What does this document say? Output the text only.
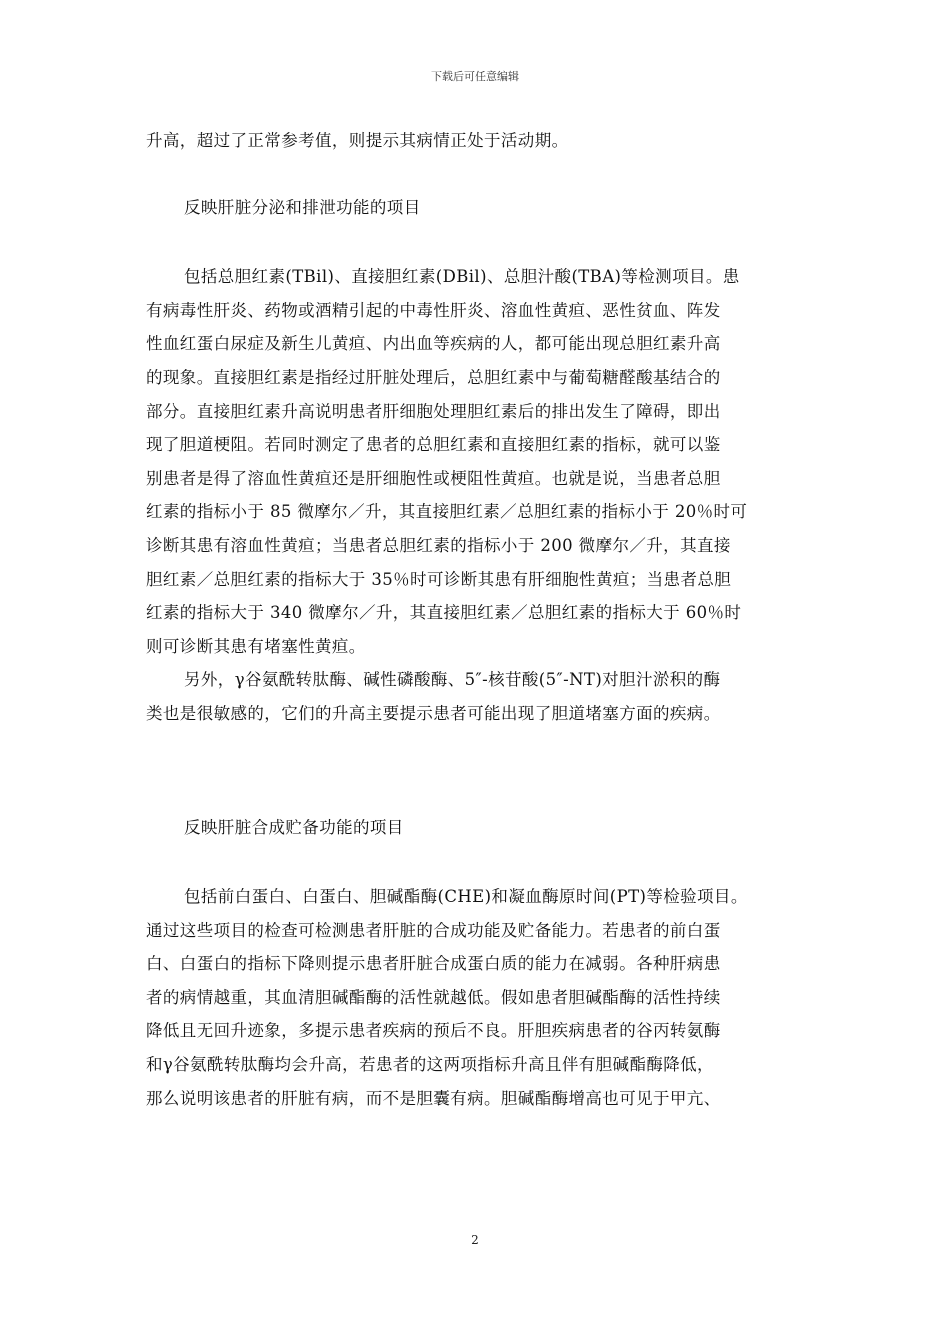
下载后可任意编辑
升高，超过了正常参考值，则提示其病情正处于活动期。
反映肝脏分泌和排泄功能的项目
包括总胆红素(TBil)、直接胆红素(DBil)、总胆汁酸(TBA)等检测项目。患
有病毒性肝炎、药物或酒精引起的中毒性肝炎、溶血性黄疸、恶性贫血、阵发
性血红蛋白尿症及新生儿黄疸、内出血等疾病的人，都可能出现总胆红素升高
的现象。直接胆红素是指经过肝脏处理后，总胆红素中与葡萄糖醛酸基结合的
部分。直接胆红素升高说明患者肝细胞处理胆红素后的排出发生了障碍，即出
现了胆道梗阻。若同时测定了患者的总胆红素和直接胆红素的指标，就可以鉴
别患者是得了溶血性黄疸还是肝细胞性或梗阻性黄疸。也就是说，当患者总胆
红素的指标小于 85 微摩尔／升，其直接胆红素／总胆红素的指标小于 20％时可
诊断其患有溶血性黄疸；当患者总胆红素的指标小于 200 微摩尔／升，其直接
胆红素／总胆红素的指标大于 35％时可诊断其患有肝细胞性黄疸；当患者总胆
红素的指标大于 340 微摩尔／升，其直接胆红素／总胆红素的指标大于 60％时
则可诊断其患有堵塞性黄疸。
另外，γ谷氨酰转肽酶、碱性磷酸酶、5″-核苷酸(5″-NT)对胆汁淤积的酶
类也是很敏感的，它们的升高主要提示患者可能出现了胆道堵塞方面的疾病。
反映肝脏合成贮备功能的项目
包括前白蛋白、白蛋白、胆碱酯酶(CHE)和凝血酶原时间(PT)等检验项目。
通过这些项目的检查可检测患者肝脏的合成功能及贮备能力。若患者的前白蛋
白、白蛋白的指标下降则提示患者肝脏合成蛋白质的能力在减弱。各种肝病患
者的病情越重，其血清胆碱酯酶的活性就越低。假如患者胆碱酯酶的活性持续
降低且无回升迹象，多提示患者疾病的预后不良。肝胆疾病患者的谷丙转氨酶
和γ谷氨酰转肽酶均会升高，若患者的这两项指标升高且伴有胆碱酯酶降低，
那么说明该患者的肝脏有病，而不是胆囊有病。胆碱酯酶增高也可见于甲亢、
2
